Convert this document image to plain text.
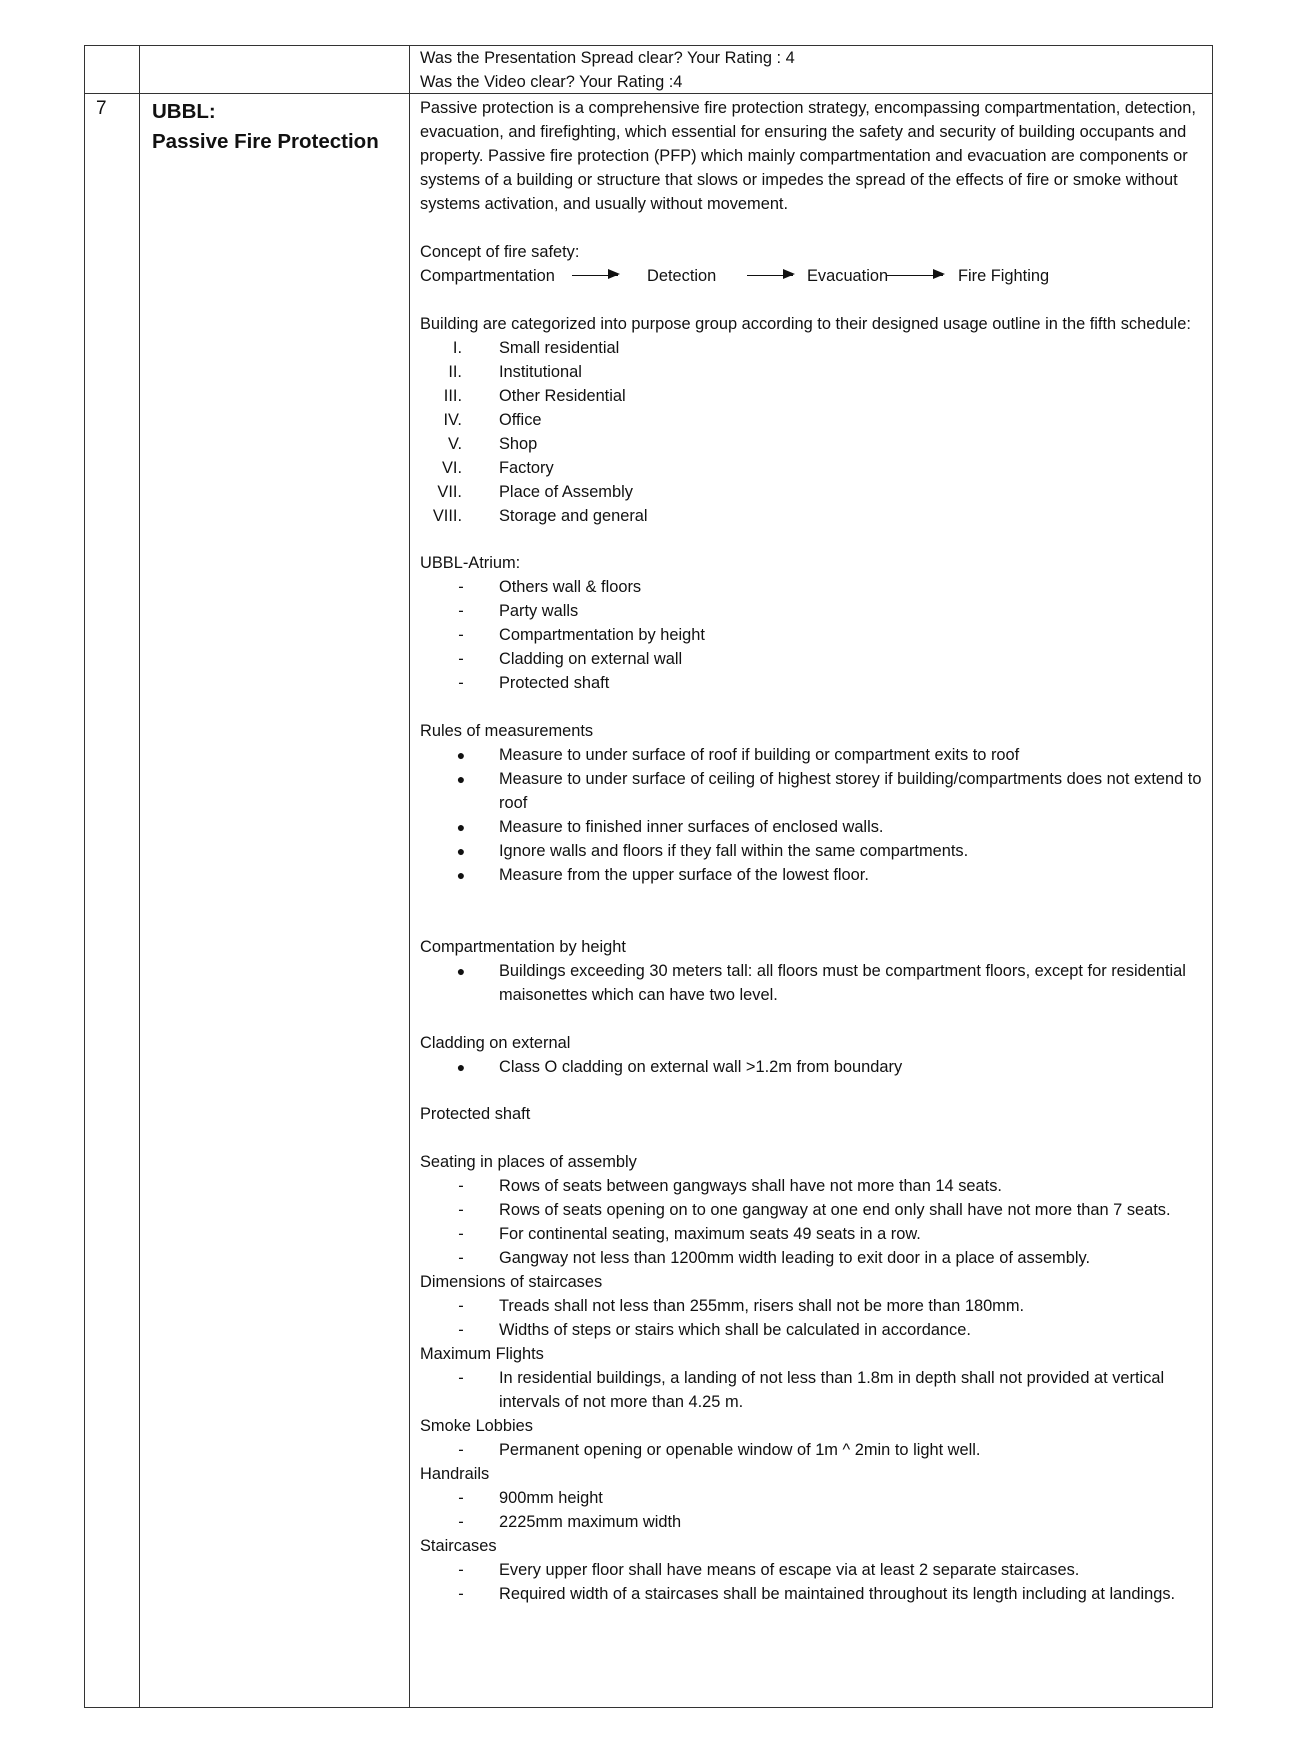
Was the Presentation Spread clear? Your Rating : 4
Was the Video clear? Your Rating :4
7 UBBL:
Passive Fire Protection

Passive protection is a comprehensive fire protection strategy, encompassing compartmentation, detection, evacuation, and firefighting, which essential for ensuring the safety and security of building occupants and property. Passive fire protection (PFP) which mainly compartmentation and evacuation are components or systems of a building or structure that slows or impedes the spread of the effects of fire or smoke without systems activation, and usually without movement.

Concept of fire safety:

Compartmentation	Detection	Evacuation	Fire Fighting

Building are categorized into purpose group according to their designed usage outline in the fifth schedule:

I. Small residential
II. Institutional
III. Other Residential
IV. Office
V. Shop
VI. Factory
VII. Place of Assembly
VIII. Storage and general

UBBL-Atrium:

-	Others wall & floors
-	Party walls
-	Compartmentation by height
-	Cladding on external wall
-	Protected shaft

Rules of measurements

●	Measure to under surface of roof if building or compartment exits to roof
●	Measure to under surface of ceiling of highest storey if building/compartments does not extend to roof
●	Measure to finished inner surfaces of enclosed walls.
●	Ignore walls and floors if they fall within the same compartments.
●	Measure from the upper surface of the lowest floor.

Compartmentation by height

●	Buildings exceeding 30 meters tall: all floors must be compartment floors, except for residential maisonettes which can have two level.

Cladding on external

●	Class O cladding on external wall >1.2m from boundary

Protected shaft

Seating in places of assembly

-	Rows of seats between gangways shall have not more than 14 seats.
-	Rows of seats opening on to one gangway at one end only shall have not more than 7 seats.
-	For continental seating, maximum seats 49 seats in a row.
-	Gangway not less than 1200mm width leading to exit door in a place of assembly.

Dimensions of staircases

-	Treads shall not less than 255mm, risers shall not be more than 180mm.
-	Widths of steps or stairs which shall be calculated in accordance.

Maximum Flights

-	In residential buildings, a landing of not less than 1.8m in depth shall not provided at vertical intervals of not more than 4.25 m.

Smoke Lobbies

-	Permanent opening or openable window of 1m ^ 2min to light well.

Handrails

-	900mm height
-	2225mm maximum width

Staircases

-	Every upper floor shall have means of escape via at least 2 separate staircases.
-	Required width of a staircases shall be maintained throughout its length including at landings.
